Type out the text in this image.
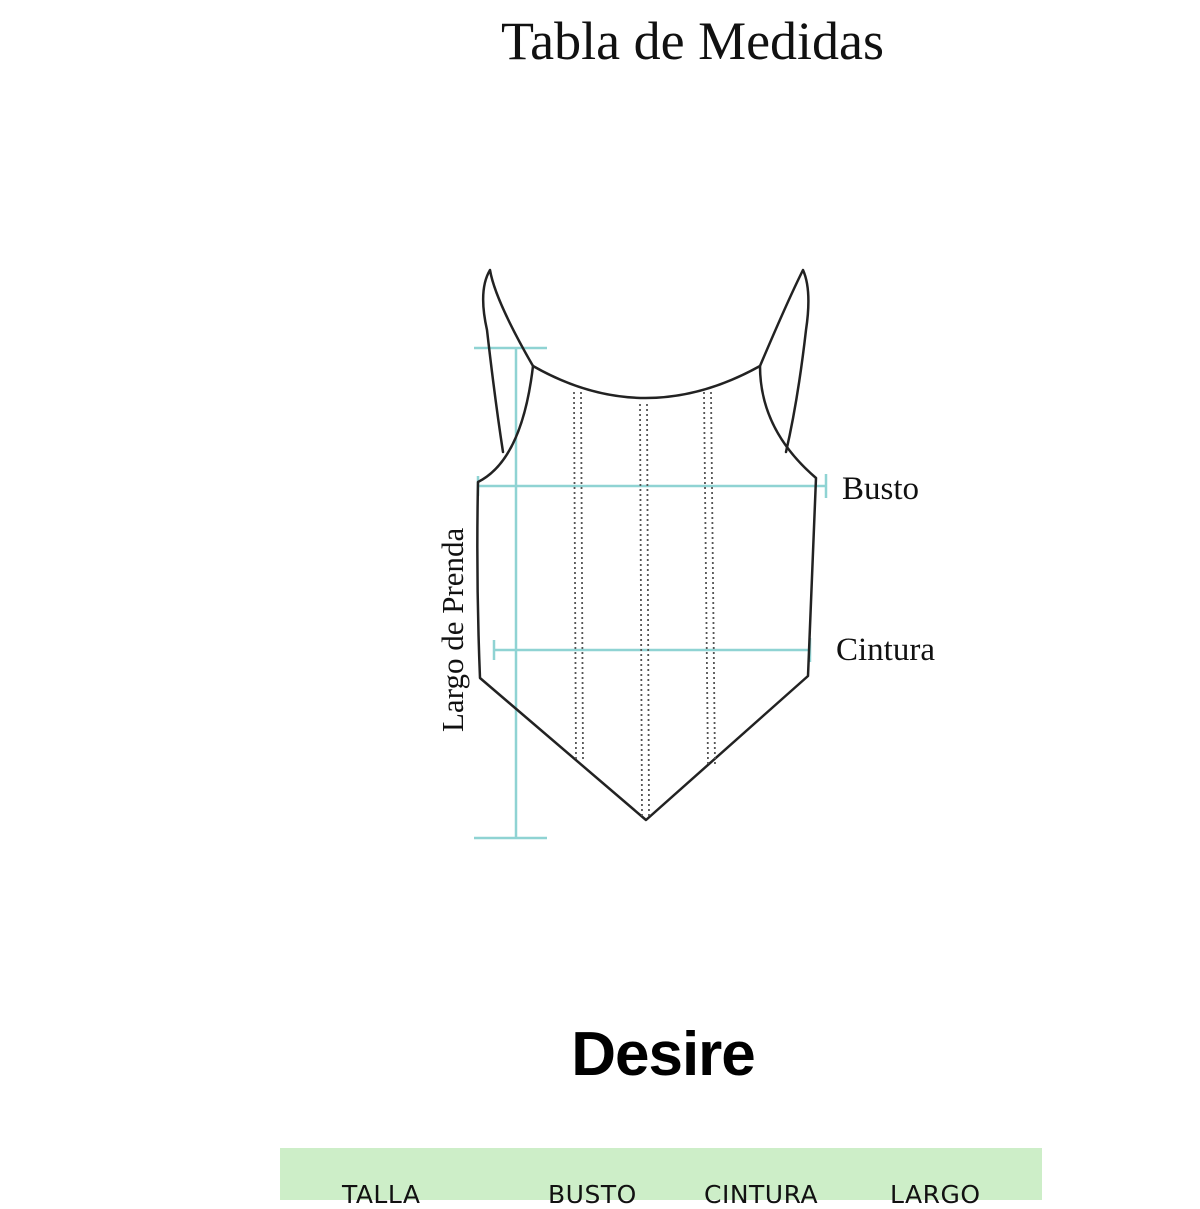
Tabla de Medidas
Busto
Cintura
Largo de Prenda
Desire
TALLA	BUSTO	CINTURA	LARGO
